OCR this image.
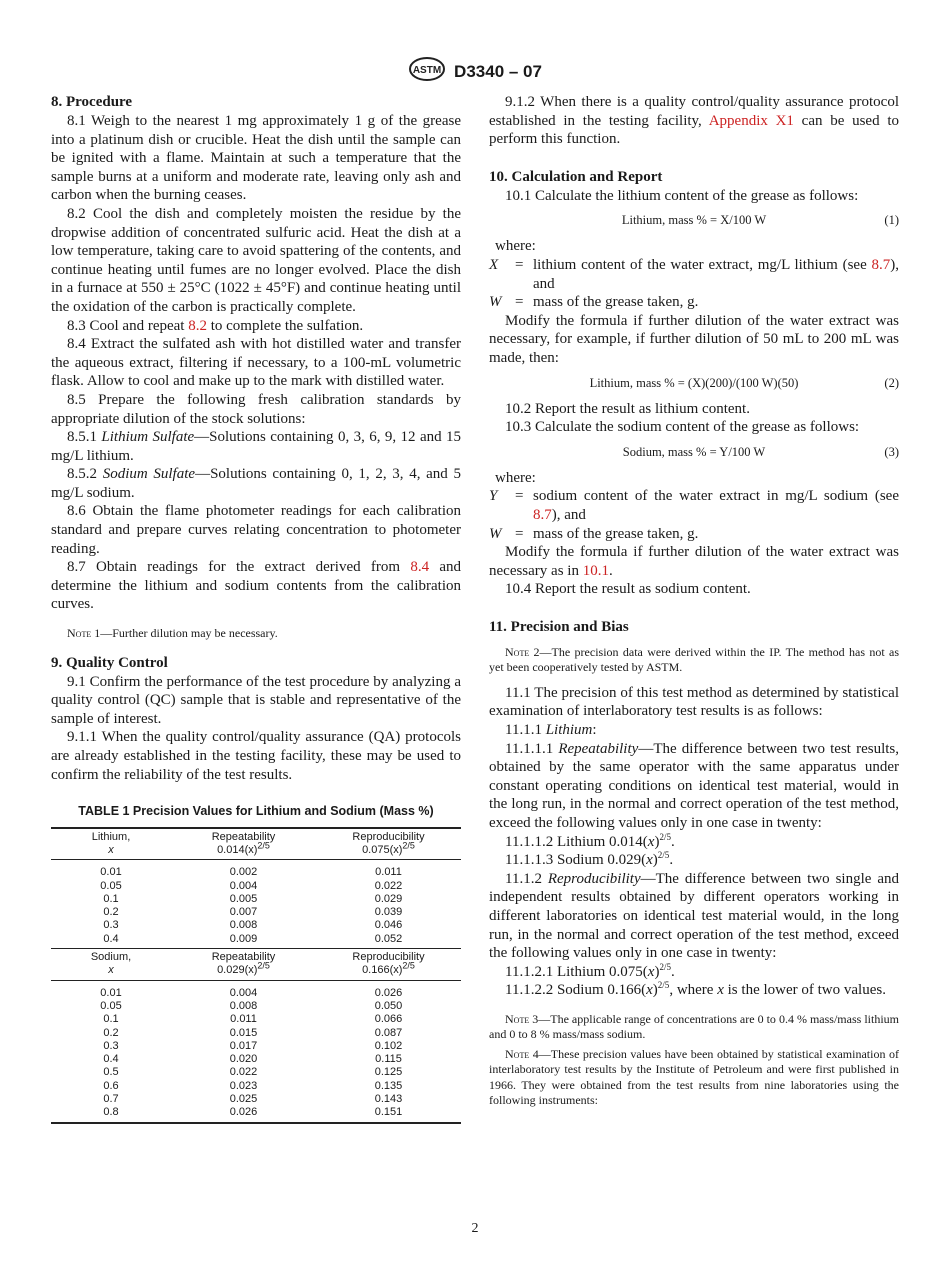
ASTM D3340 – 07
8. Procedure

8.1 Weigh to the nearest 1 mg approximately 1 g of the grease into a platinum dish or crucible. Heat the dish until the sample can be ignited with a flame. Maintain at such a temperature that the sample burns at a uniform and moderate rate, leaving only ash and carbon when the burning ceases.

8.2 Cool the dish and completely moisten the residue by the dropwise addition of concentrated sulfuric acid. Heat the dish at a low temperature, taking care to avoid spattering of the contents, and continue heating until fumes are no longer evolved. Place the dish in a furnace at 550 ± 25°C (1022 ± 45°F) and continue heating until the oxidation of the carbon is practically complete.

8.3 Cool and repeat 8.2 to complete the sulfation.

8.4 Extract the sulfated ash with hot distilled water and transfer the aqueous extract, filtering if necessary, to a 100-mL volumetric flask. Allow to cool and make up to the mark with distilled water.

8.5 Prepare the following fresh calibration standards by appropriate dilution of the stock solutions:

8.5.1 Lithium Sulfate—Solutions containing 0, 3, 6, 9, 12 and 15 mg/L lithium.

8.5.2 Sodium Sulfate—Solutions containing 0, 1, 2, 3, 4, and 5 mg/L sodium.

8.6 Obtain the flame photometer readings for each calibration standard and prepare curves relating concentration to photometer reading.

8.7 Obtain readings for the extract derived from 8.4 and determine the lithium and sodium contents from the calibration curves.

Note 1—Further dilution may be necessary.

9. Quality Control

9.1 Confirm the performance of the test procedure by analyzing a quality control (QC) sample that is stable and representative of the sample of interest.

9.1.1 When the quality control/quality assurance (QA) protocols are already established in the testing facility, these may be used to confirm the reliability of the test results.

TABLE 1 Precision Values for Lithium and Sodium (Mass %)
Lithium,	Repeatability	Reproducibility
x	$0.014(x)^{2/5}$	$0.075(x)^{2/5}$
0.01	0.002	0.011
0.05	0.004	0.022
0.1	0.005	0.029
0.2	0.007	0.039
0.3	0.008	0.046
0.4	0.009	0.052
Sodium,	Repeatability	Reproducibility
x	$0.029(x)^{2/5}$	$0.166(x)^{2/5}$
0.01	0.004	0.026
0.05	0.008	0.050
0.1	0.011	0.066
0.2	0.015	0.087
0.3	0.017	0.102
0.4	0.020	0.115
0.5	0.022	0.125
0.6	0.023	0.135
0.7	0.025	0.143
0.8	0.026	0.151

9.1.2 When there is a quality control/quality assurance protocol established in the testing facility, Appendix X1 can be used to perform this function.

10. Calculation and Report

10.1 Calculate the lithium content of the grease as follows:

Lithium, mass % = X/100 W	(1)
where:
X	= lithium content of the water extract, mg/L lithium (see 8.7), and
W = mass of the grease taken, g.

Modify the formula if further dilution of the water extract was necessary, for example, if further dilution of 50 mL to 200 mL was made, then:

Lithium, mass % = (X)(200)/(100 W)(50)	(2)

10.2 Report the result as lithium content.

10.3 Calculate the sodium content of the grease as follows:

Sodium, mass % = Y/100 W	(3)
where:
Y	= sodium content of the water extract in mg/L sodium (see 8.7), and
W = mass of the grease taken, g.

Modify the formula if further dilution of the water extract was necessary as in 10.1.

10.4 Report the result as sodium content.

11. Precision and Bias

Note 2—The precision data were derived within the IP. The method has not as yet been cooperatively tested by ASTM.

11.1 The precision of this test method as determined by statistical examination of interlaboratory test results is as follows:

11.1.1 Lithium:

11.1.1.1 Repeatability—The difference between two test results, obtained by the same operator with the same apparatus under constant operating conditions on identical test material, would in the long run, in the normal and correct operation of the test method, exceed the following values only in one case in twenty:

11.1.1.2 Lithium $0.014(x)^{2/5}$.

11.1.1.3 Sodium $0.029(x)^{2/5}$.

11.1.2 Reproducibility—The difference between two single and independent results obtained by different operators working in different laboratories on identical test material would, in the long run, in the normal and correct operation of the test method, exceed the following values only in one case in twenty:

11.1.2.1 Lithium $0.075(x)^{2/5}$.

11.1.2.2 Sodium $0.166(x)^{2/5}$, where x is the lower of two values.

Note 3—The applicable range of concentrations are 0 to 0.4 % mass/mass lithium and 0 to 8 % mass/mass sodium.

Note 4—These precision values have been obtained by statistical examination of interlaboratory test results by the Institute of Petroleum and were first published in 1966. They were obtained from the test results from nine laboratories using the following instruments:

2
